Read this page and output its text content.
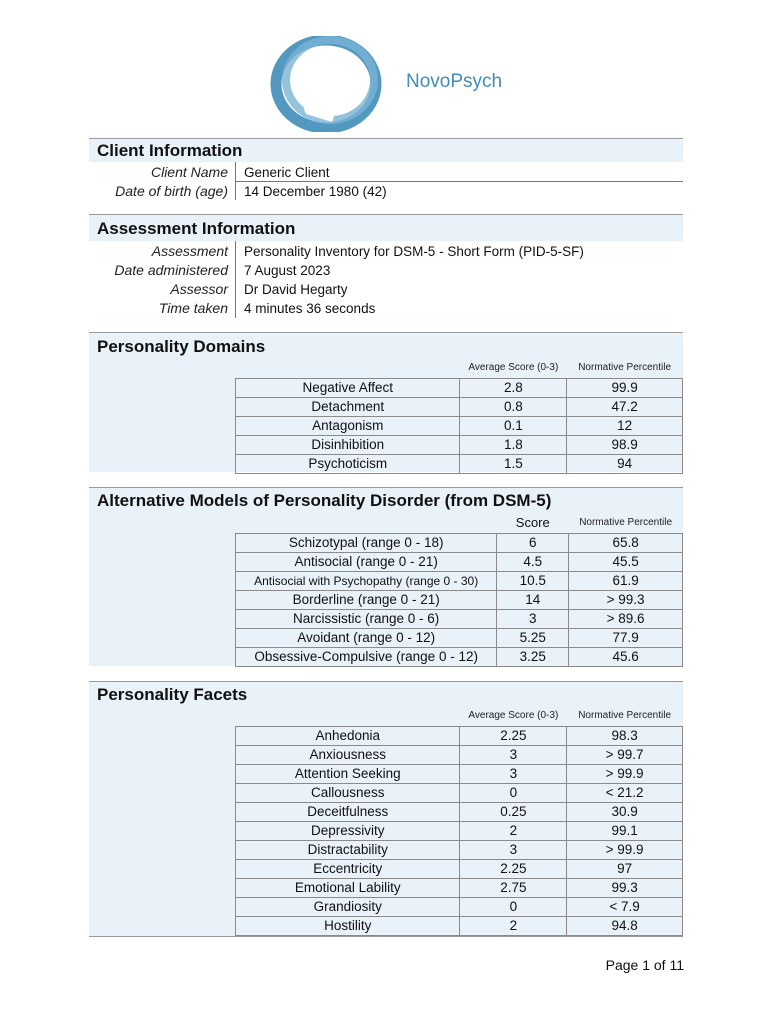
NovoPsych
Client Information
Client Name Generic Client
Date of birth (age) 14 December 1980 (42)
Assessment Information
Assessment Personality Inventory for DSM-5 - Short Form (PID-5-SF)
Date administered 7 August 2023
Assessor Dr David Hegarty
Time taken 4 minutes 36 seconds
Personality Domains
	Average Score (0-3)	Normative Percentile
Negative Affect	2.8	99.9
Detachment	0.8	47.2
Antagonism	0.1	12
Disinhibition	1.8	98.9
Psychoticism	1.5	94
Alternative Models of Personality Disorder (from DSM-5)
	Score	Normative Percentile
Schizotypal (range 0 - 18)	6	65.8
Antisocial (range 0 - 21)	4.5	45.5
Antisocial with Psychopathy (range 0 - 30)	10.5	61.9
Borderline (range 0 - 21)	14	> 99.3
Narcissistic (range 0 - 6)	3	> 89.6
Avoidant (range 0 - 12)	5.25	77.9
Obsessive-Compulsive (range 0 - 12)	3.25	45.6
Personality Facets
	Average Score (0-3)	Normative Percentile
Anhedonia	2.25	98.3
Anxiousness	3	> 99.7
Attention Seeking	3	> 99.9
Callousness	0	< 21.2
Deceitfulness	0.25	30.9
Depressivity	2	99.1
Distractability	3	> 99.9
Eccentricity	2.25	97
Emotional Lability	2.75	99.3
Grandiosity	0	< 7.9
Hostility	2	94.8
Page 1 of 11
